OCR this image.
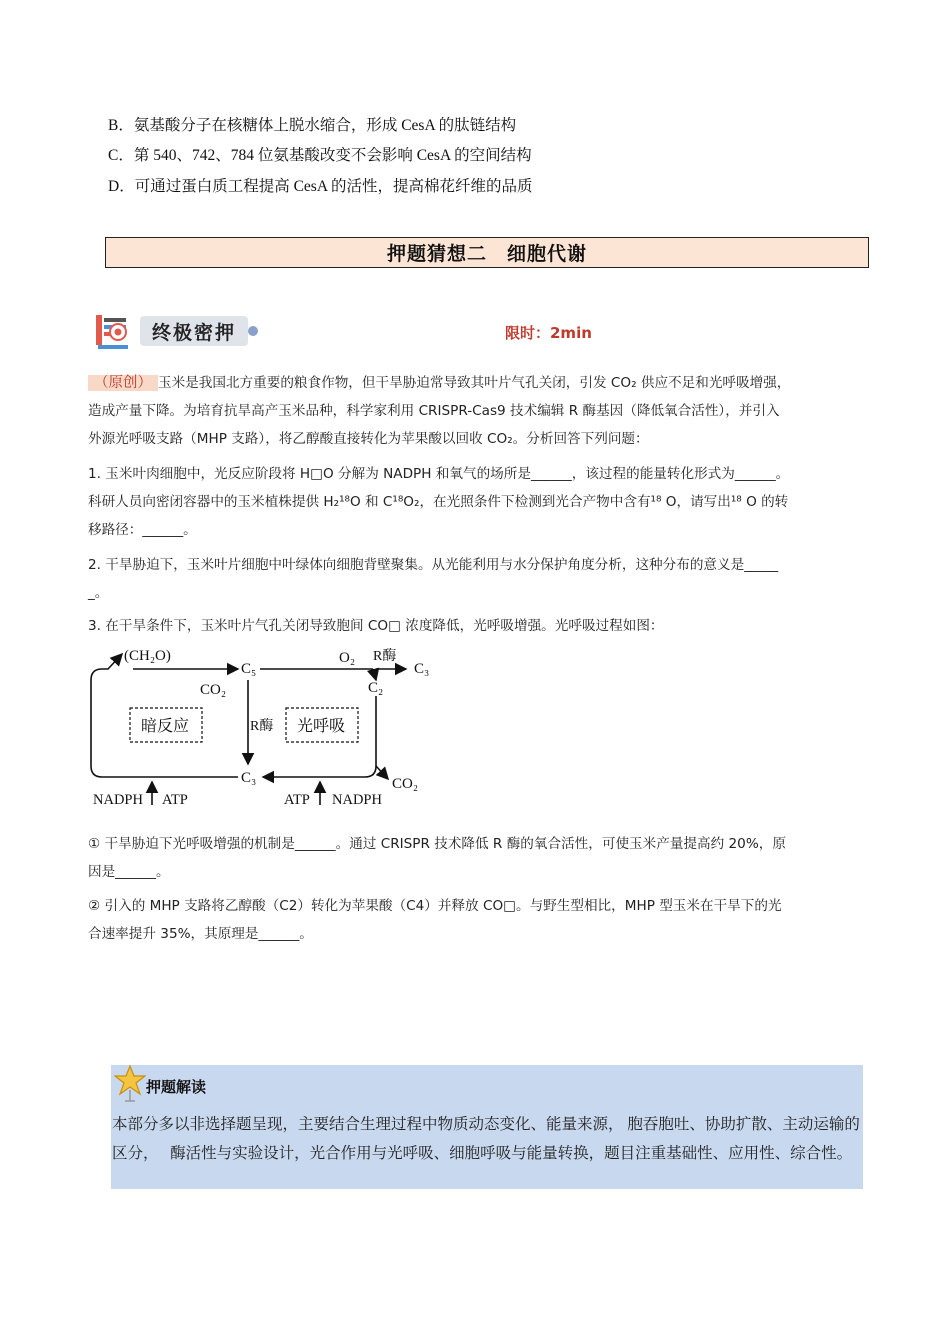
B．氨基酸分子在核糖体上脱水缩合，形成 CesA 的肽链结构
C．第 540、742、784 位氨基酸改变不会影响 CesA 的空间结构
D．可通过蛋白质工程提高 CesA 的活性，提高棉花纤维的品质
押题猜想二　细胞代谢
终极密押	限时：2min
（原创） 玉米是我国北方重要的粮食作物，但干旱胁迫常导致其叶片气孔关闭，引发 CO₂ 供应不足和光呼吸增强，
造成产量下降。为培育抗旱高产玉米品种，科学家利用 CRISPR-Cas9 技术编辑 R 酶基因（降低氧合活性），并引入
外源光呼吸支路（MHP 支路），将乙醇酸直接转化为苹果酸以回收 CO₂。分析回答下列问题：
1. 玉米叶肉细胞中，光反应阶段将 H□O 分解为 NADPH 和氧气的场所是______，该过程的能量转化形式为______。
科研人员向密闭容器中的玉米植株提供 H₂¹⁸O 和 C¹⁸O₂，在光照条件下检测到光合产物中含有¹⁸ O，请写出¹⁸ O 的转
移路径：______。
2. 干旱胁迫下，玉米叶片细胞中叶绿体向细胞背壁聚集。从光能利用与水分保护角度分析，这种分布的意义是_____
_。
3. 在干旱条件下，玉米叶片气孔关闭导致胞间 CO□ 浓度降低，光呼吸增强。光呼吸过程如图：
(CH₂O)
C₅
O₂ R酶
C₃
CO₂	C₂
暗反应	R酶 光呼吸
C₃	CO₂
NADPH ATP	ATP NADPH
① 干旱胁迫下光呼吸增强的机制是______。通过 CRISPR 技术降低 R 酶的氧合活性，可使玉米产量提高约 20%，原
因是______。
② 引入的 MHP 支路将乙醇酸（C2）转化为苹果酸（C4）并释放 CO□。与野生型相比，MHP 型玉米在干旱下的光
合速率提升 35%，其原理是______。
押题解读
本部分多以非选择题呈现，主要结合生理过程中物质动态变化、能量来源， 胞吞胞吐、协助扩散、主动运输的区分，　 酶活性与实验设计，光合作用与光呼吸、细胞呼吸与能量转换，题目注重基础性、应用性、综合性。
